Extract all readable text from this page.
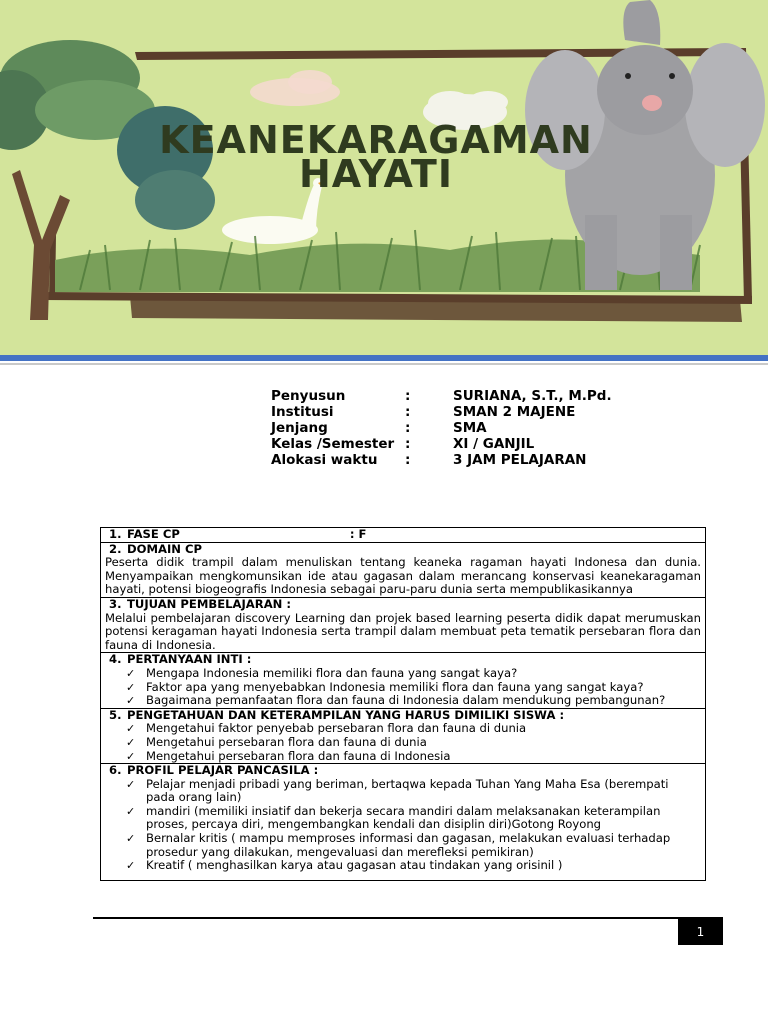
KEANEKARAGAMAN
HAYATI
Penyusun	:	SURIANA, S.T., M.Pd.
Institusi	:	SMAN 2 MAJENE
Jenjang	:	SMA
Kelas /Semester :	XI / GANJIL
Alokasi waktu :	3 JAM PELAJARAN
1. FASE CP	: F
2. DOMAIN CP
Peserta didik trampil dalam menuliskan tentang keaneka ragaman hayati Indonesa dan dunia. Menyampaikan mengkomunsikan ide atau gagasan dalam merancang konservasi keanekaragaman hayati, potensi biogeografis Indonesia sebagai paru-paru dunia serta mempublikasikannya
3. TUJUAN PEMBELAJARAN :
Melalui pembelajaran discovery Learning dan projek based learning peserta didik dapat merumuskan potensi keragaman hayati Indonesia serta trampil dalam membuat peta tematik persebaran flora dan fauna di Indonesia.
4. PERTANYAAN INTI :
✓ Mengapa Indonesia memiliki flora dan fauna yang sangat kaya?
✓ Faktor apa yang menyebabkan Indonesia memiliki flora dan fauna yang sangat kaya?
✓ Bagaimana pemanfaatan flora dan fauna di Indonesia dalam mendukung pembangunan?
5. PENGETAHUAN DAN KETERAMPILAN YANG HARUS DIMILIKI SISWA :
✓ Mengetahui faktor penyebab persebaran flora dan fauna di dunia
✓ Mengetahui persebaran flora dan fauna di dunia
✓ Mengetahui persebaran flora dan fauna di Indonesia
6. PROFIL PELAJAR PANCASILA :
✓ Pelajar menjadi pribadi yang beriman, bertaqwa kepada Tuhan Yang Maha Esa (berempati pada orang lain)
✓ mandiri (memiliki insiatif dan bekerja secara mandiri dalam melaksanakan keterampilan proses, percaya diri, mengembangkan kendali dan disiplin diri)Gotong Royong
✓ Bernalar kritis ( mampu memproses informasi dan gagasan, melakukan evaluasi terhadap prosedur yang dilakukan, mengevaluasi dan merefleksi pemikiran)
✓ Kreatif ( menghasilkan karya atau gagasan atau tindakan yang orisinil )
1
